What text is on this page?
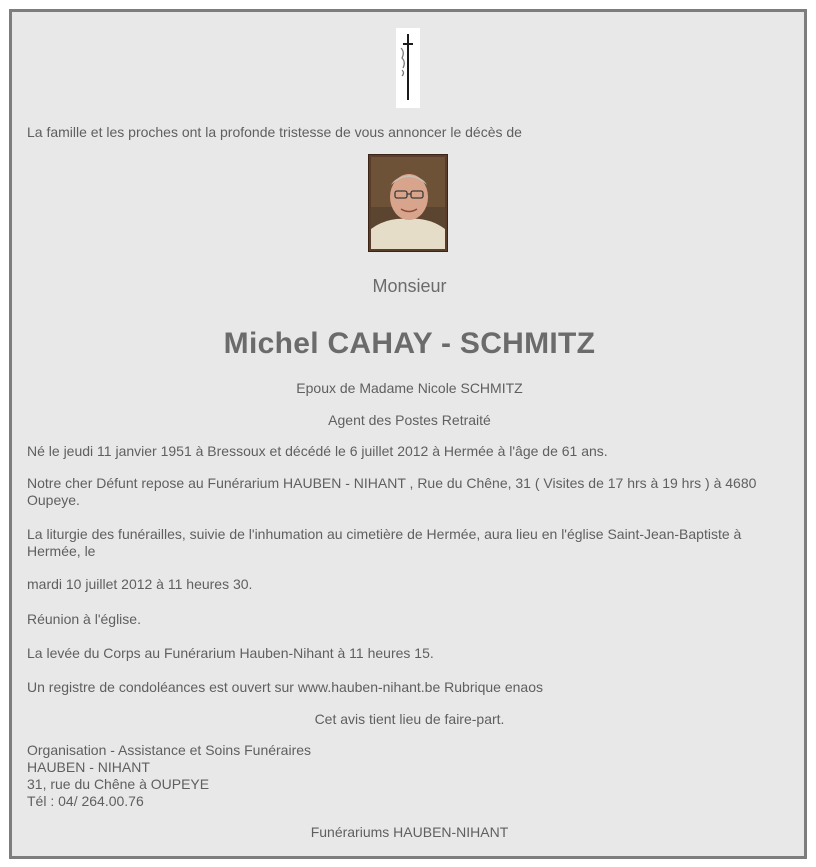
La famille et les proches ont la profonde tristesse de vous annoncer le décès de

Monsieur
Michel CAHAY - SCHMITZ
Epoux de Madame Nicole SCHMITZ
Agent des Postes Retraité

Né le jeudi 11 janvier 1951 à Bressoux et décédé le 6 juillet 2012 à Hermée à l'âge de 61 ans.

Notre cher Défunt repose au Funérarium HAUBEN - NIHANT , Rue du Chêne, 31 ( Visites de 17 hrs à 19 hrs ) à 4680 Oupeye.

La liturgie des funérailles, suivie de l'inhumation au cimetière de Hermée, aura lieu en l'église Saint-Jean-Baptiste à Hermée, le

mardi 10 juillet 2012 à 11 heures 30.

Réunion à l'église.

La levée du Corps au Funérarium Hauben-Nihant à 11 heures 15.

Un registre de condoléances est ouvert sur www.hauben-nihant.be Rubrique enaos

Cet avis tient lieu de faire-part.
Organisation - Assistance et Soins Funéraires
HAUBEN - NIHANT
31, rue du Chêne à OUPEYE
Tél : 04/ 264.00.76
Funérariums HAUBEN-NIHANT
